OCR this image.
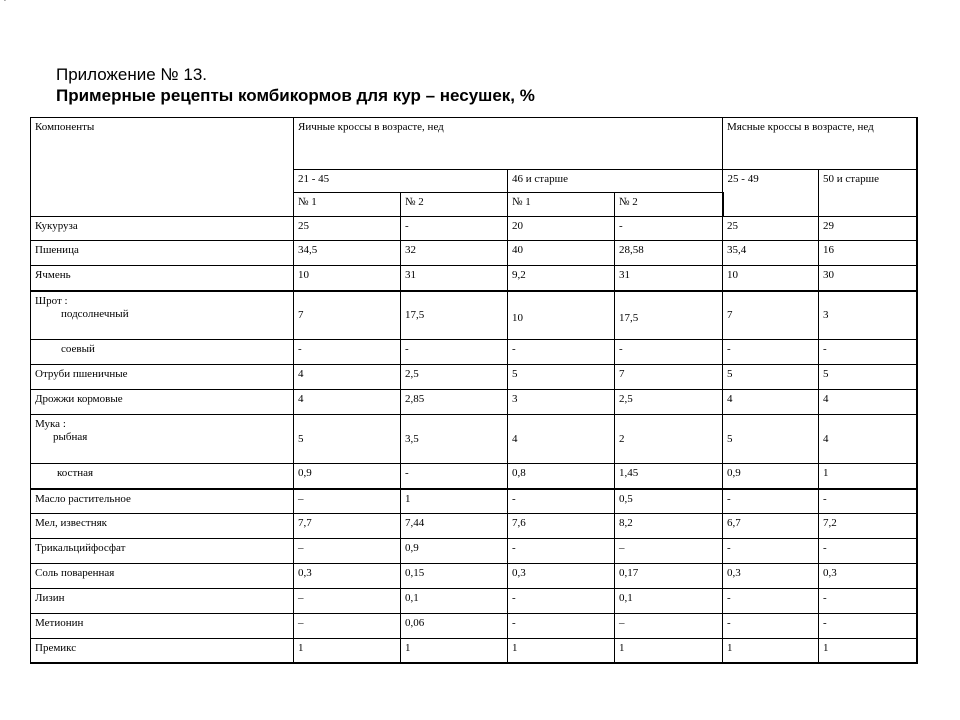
`
Приложение № 13.
Примерные рецепты комбикормов для кур – несушек, %
Компоненты	Яичные кроссы в возрасте, нед				Мясные кроссы в возрасте, нед	
	21 - 45		46 и старше		25 - 49	50 и старше
	№ 1	№ 2	№ 1	№ 2		
Кукуруза	25	-	20	-	25	29
Пшеница	34,5	32	40	28,58	35,4	16
Ячмень	10	31	9,2	31	10	30

Шрот :
подсолнечный	7	17,5	10	17,5	7	3
соевый	-	-	-	-	-	-
Отруби пшеничные	4	2,5	5	7	5	5
Дрожжи кормовые	4	2,85	3	2,5	4	4

Мука :
рыбная	5	3,5	4	2	5	4
костная	0,9	-	0,8	1,45	0,9	1
Масло растительное	–	1	-	0,5	-	-
Мел, известняк	7,7	7,44	7,6	8,2	6,7	7,2
Трикальцийфосфат	–	0,9	-	–	-	-
Соль поваренная	0,3	0,15	0,3	0,17	0,3	0,3
Лизин	–	0,1	-	0,1	-	-
Метионин	–	0,06	-	–	-	-
Премикс	1	1	1	1	1	1
